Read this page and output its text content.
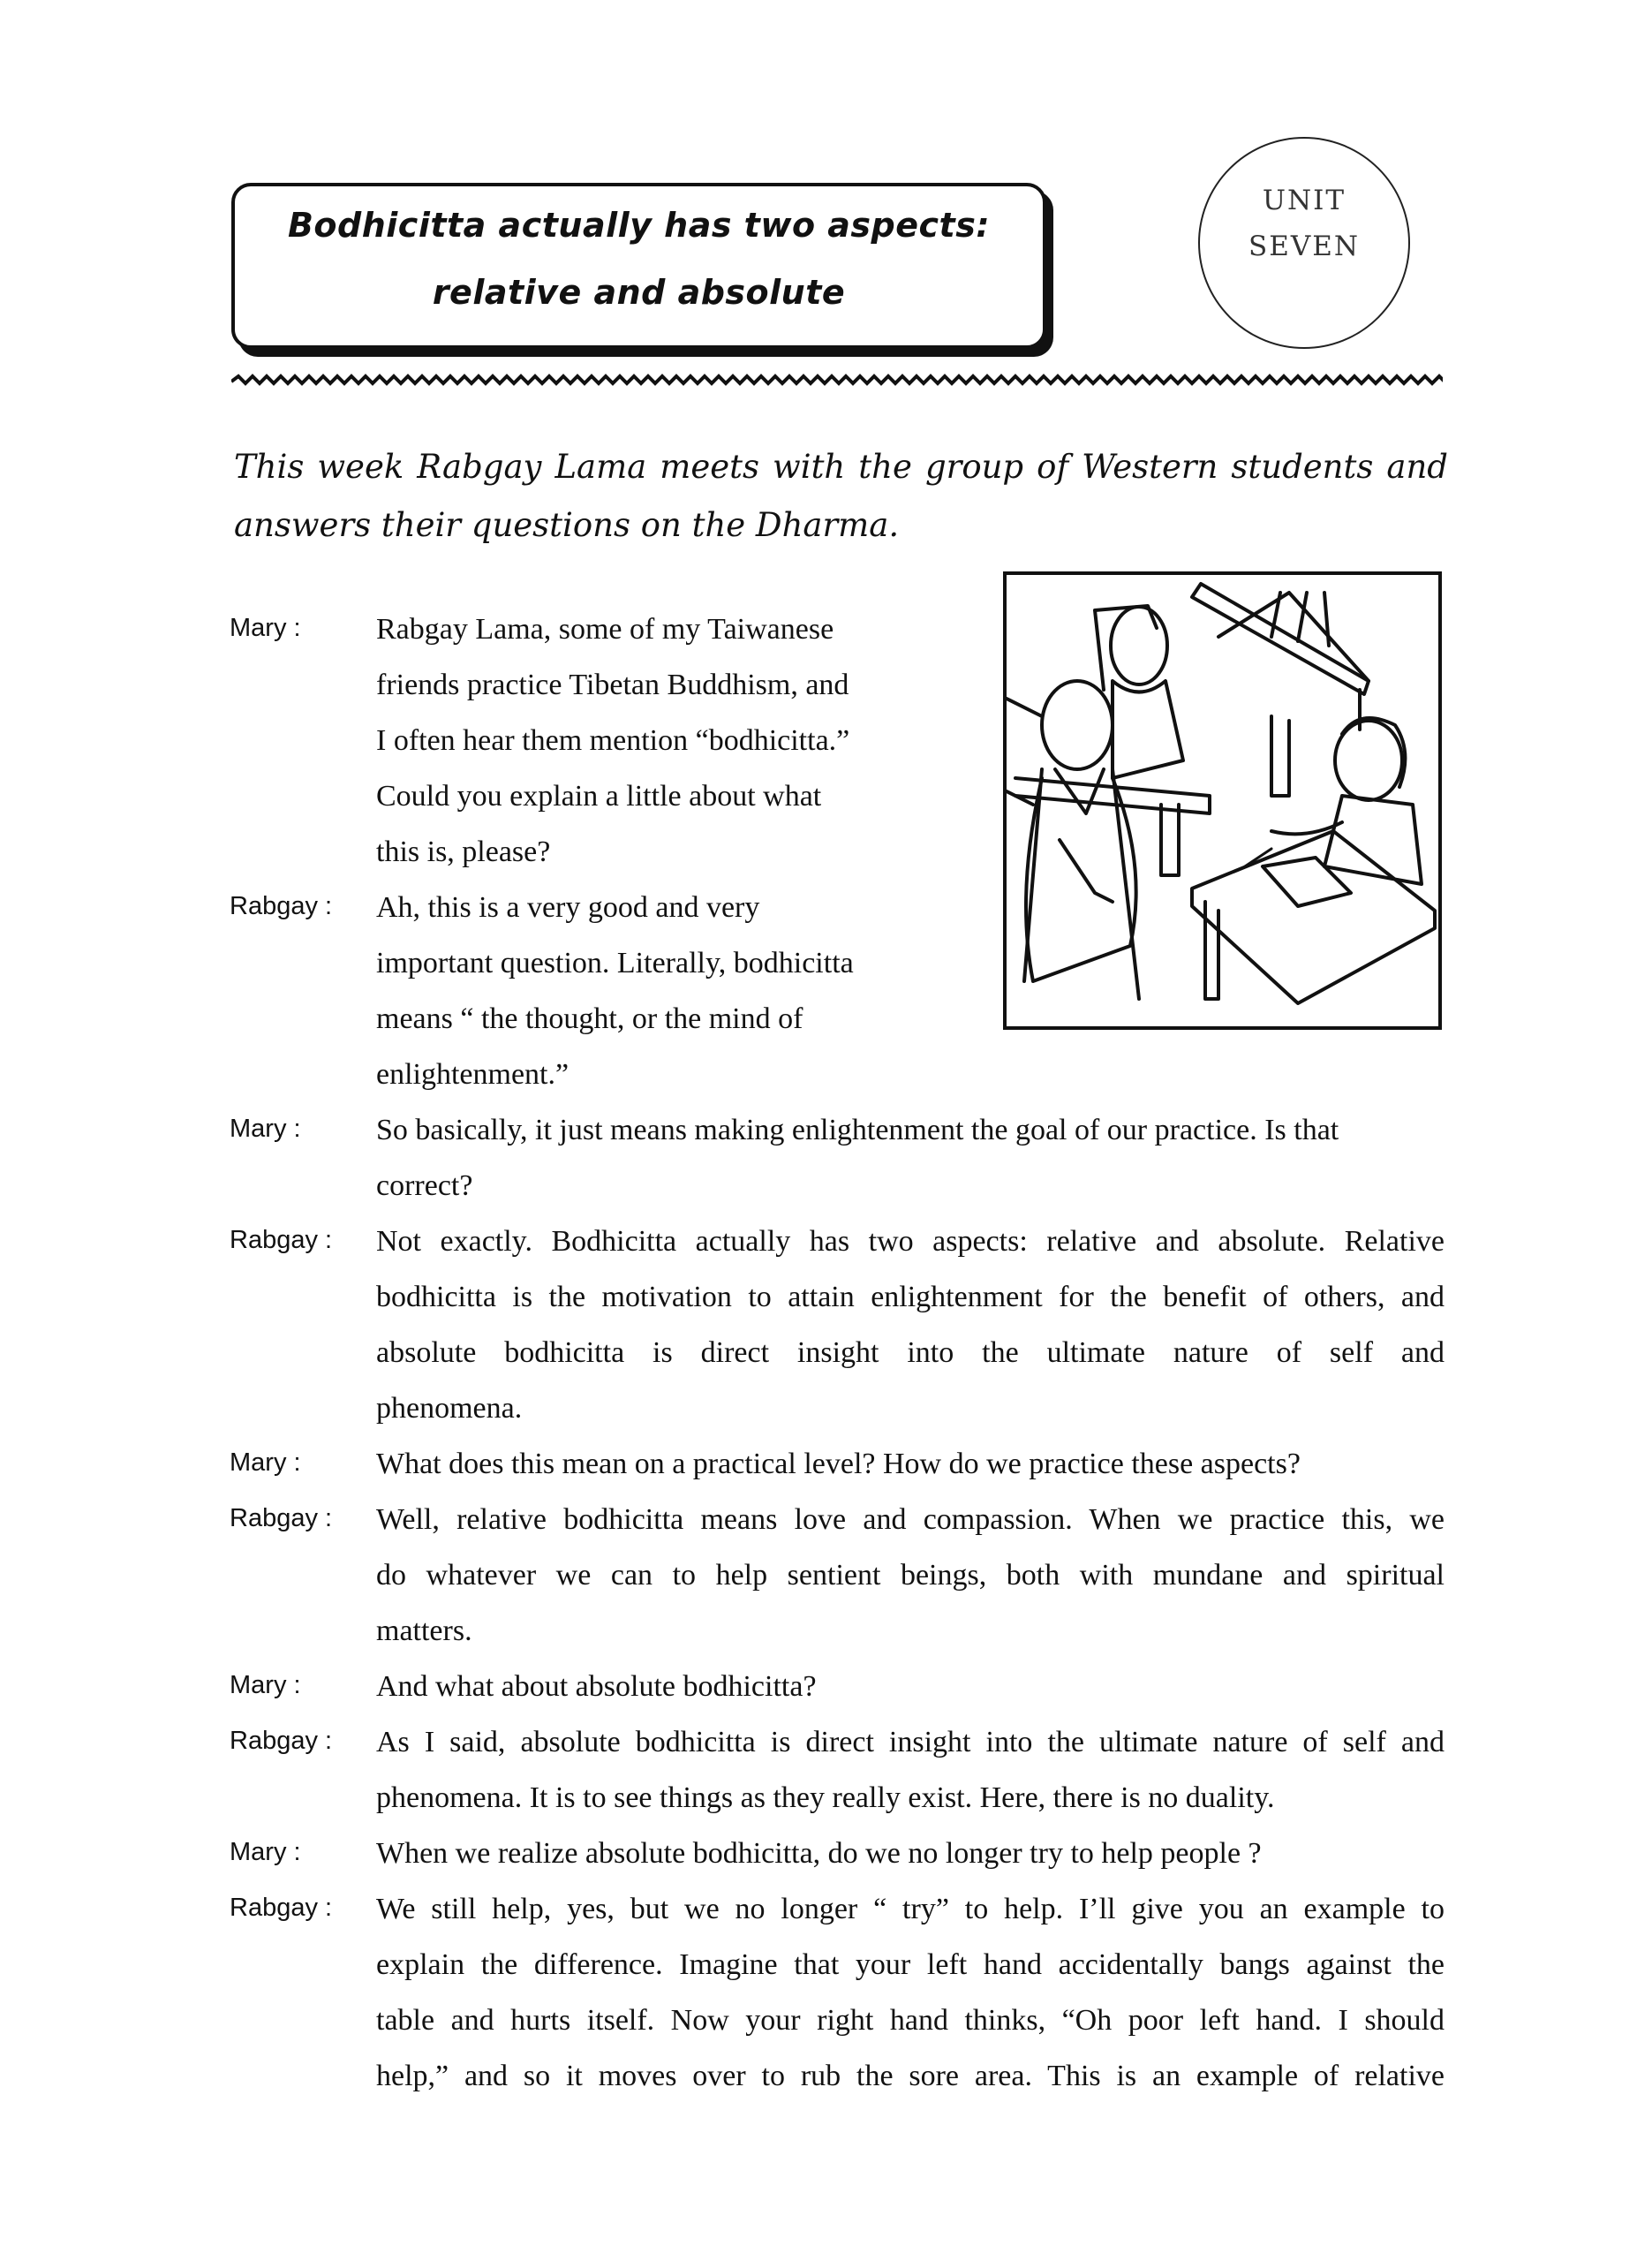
Bodhicitta actually has two aspects:
relative and absolute
UNIT
SEVEN
This week Rabgay Lama meets with the group of Western students and answers their questions on the Dharma.
Mary :	Rabgay Lama, some of my Taiwanese
friends practice Tibetan Buddhism, and
I often hear them mention “bodhicitta.”
Could you explain a little about what
this is, please?
Rabgay : Ah, this is a very good and very
important question. Literally, bodhicitta
means “ the thought, or the mind of
enlightenment.”
Mary :	So basically, it just means making enlightenment the goal of our practice. Is that
correct?
Rabgay : Not exactly. Bodhicitta actually has two aspects: relative and absolute. Relative
bodhicitta is the motivation to attain enlightenment for the benefit of others, and
absolute bodhicitta is direct insight into the ultimate nature of self and
phenomena.
Mary :	What does this mean on a practical level? How do we practice these aspects?
Rabgay : Well, relative bodhicitta means love and compassion. When we practice this, we
do whatever we can to help sentient beings, both with mundane and spiritual
matters.
Mary :	And what about absolute bodhicitta?
Rabgay : As I said, absolute bodhicitta is direct insight into the ultimate nature of self and
phenomena. It is to see things as they really exist. Here, there is no duality.
Mary :	When we realize absolute bodhicitta, do we no longer try to help people ?
Rabgay : We still help, yes, but we no longer “ try” to help. I’ll give you an example to
explain the difference. Imagine that your left hand accidentally bangs against the
table and hurts itself. Now your right hand thinks, “Oh poor left hand. I should
help,” and so it moves over to rub the sore area. This is an example of relative
